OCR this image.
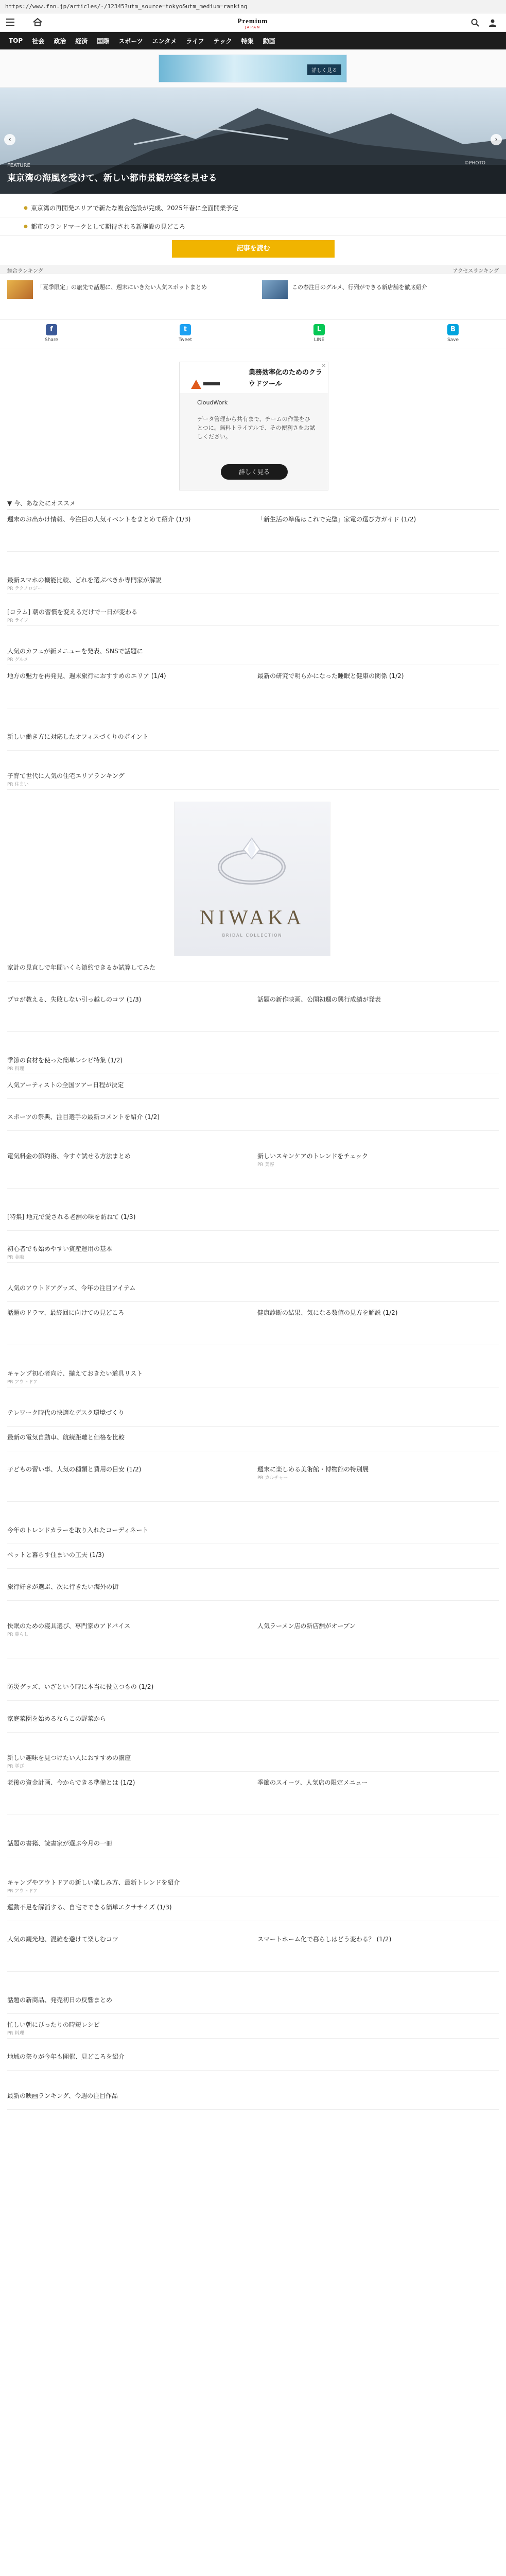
https://www.fnn.jp/articles/-/12345?utm_source=tokyo&utm_medium=ranking
Premium
JAPAN
TOP	社会	政治	経済	国際	スポーツ	エンタメ	ライフ	テック	特集	動画
詳しく見る
‹	›
©PHOTO
FEATURE
東京湾の海風を受けて、新しい都市景観が姿を見せる
● 東京湾の再開発エリアで新たな複合施設が完成、2025年春に全面開業予定
● 都市のランドマークとして期待される新施設の見どころ
記事を読む
総合ランキング	アクセスランキング
「夏季限定」の旅先で話題に、週末にいきたい人気スポットまとめ	この春注目のグルメ、行列ができる新店舗を徹底紹介
f
Share
t
Tweet
L
LINE
B
Save
業務効率化のためのクラウドツール
✕
CloudWork
データ管理から共有まで、チームの作業をひとつに。無料トライアルで、その便利さをお試しください。
詳しく見る
▼ 今、あなたにオススメ
NIWAKA
BRIDAL COLLECTION
週末のお出かけ情報、今注目の人気イベントをまとめて紹介 (1/3)	「新生活の準備はこれで完璧」家電の選び方ガイド (1/2)
最新スマホの機能比較、どれを選ぶべきか専門家が解説
PR テクノロジー
[コラム] 朝の習慣を変えるだけで一日が変わる
PR ライフ
人気のカフェが新メニューを発表、SNSで話題に
PR グルメ
地方の魅力を再発見、週末旅行におすすめのエリア (1/4)	最新の研究で明らかになった睡眠と健康の関係 (1/2)
新しい働き方に対応したオフィスづくりのポイント
子育て世代に人気の住宅エリアランキング
PR 住まい
家計の見直しで年間いくら節約できるか試算してみた
プロが教える、失敗しない引っ越しのコツ (1/3)	話題の新作映画、公開初週の興行成績が発表
季節の食材を使った簡単レシピ特集 (1/2)
PR 料理
人気アーティストの全国ツアー日程が決定
スポーツの祭典、注目選手の最新コメントを紹介 (1/2)
電気料金の節約術、今すぐ試せる方法まとめ	新しいスキンケアのトレンドをチェック
PR 美容
[特集] 地元で愛される老舗の味を訪ねて (1/3)
初心者でも始めやすい資産運用の基本
PR 金融
人気のアウトドアグッズ、今年の注目アイテム
話題のドラマ、最終回に向けての見どころ	健康診断の結果、気になる数値の見方を解説 (1/2)
キャンプ初心者向け、揃えておきたい道具リスト
PR アウトドア
テレワーク時代の快適なデスク環境づくり
最新の電気自動車、航続距離と価格を比較
子どもの習い事、人気の種類と費用の目安 (1/2)	週末に楽しめる美術館・博物館の特別展
PR カルチャー
今年のトレンドカラーを取り入れたコーディネート
ペットと暮らす住まいの工夫 (1/3)
旅行好きが選ぶ、次に行きたい海外の街
快眠のための寝具選び、専門家のアドバイス
PR 暮らし
人気ラーメン店の新店舗がオープン
防災グッズ、いざという時に本当に役立つもの (1/2)
家庭菜園を始めるならこの野菜から
新しい趣味を見つけたい人におすすめの講座
PR 学び
老後の資金計画、今からできる準備とは (1/2)	季節のスイーツ、人気店の限定メニュー
話題の書籍、読書家が選ぶ今月の一冊
キャンプやアウトドアの新しい楽しみ方、最新トレンドを紹介
PR アウトドア
運動不足を解消する、自宅でできる簡単エクササイズ (1/3)
人気の観光地、混雑を避けて楽しむコツ	スマートホーム化で暮らしはどう変わる？ (1/2)
話題の新商品、発売初日の反響まとめ
忙しい朝にぴったりの時短レシピ
PR 料理
地域の祭りが今年も開催、見どころを紹介
最新の映画ランキング、今週の注目作品
